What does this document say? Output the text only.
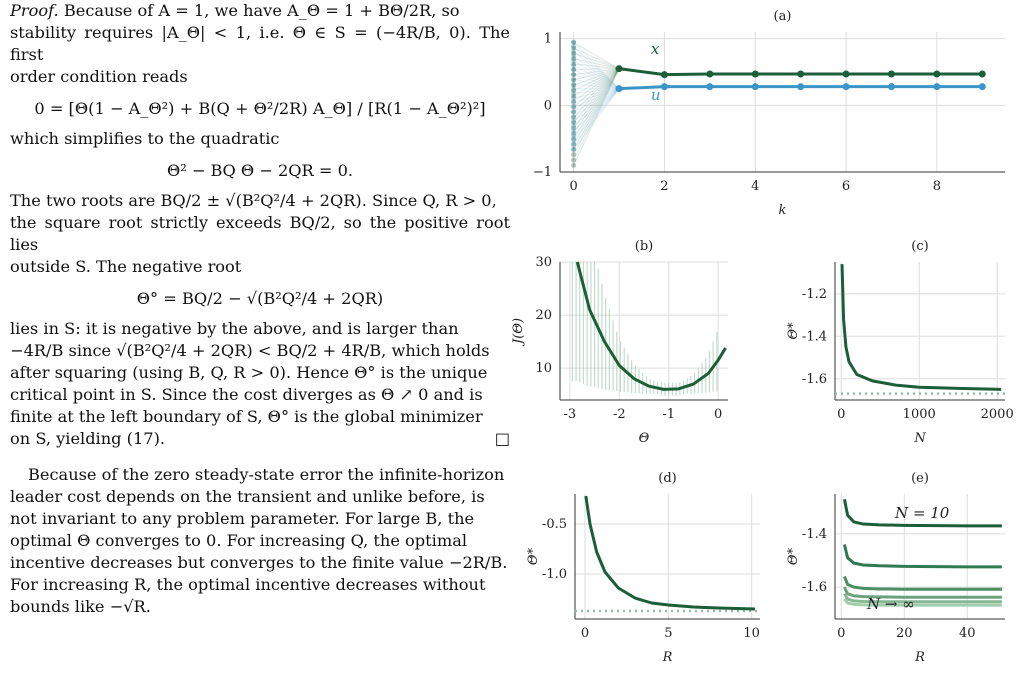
Proof. Because of A = 1, we have A_Θ = 1 + BΘ/2R, so
stability requires |A_Θ| < 1, i.e. Θ ∈ S = (−4R/B, 0). The first
order condition reads

0 = [Θ(1 − A_Θ²) + B(Q + Θ²/2R) A_Θ] / [R(1 − A_Θ²)²]

which simplifies to the quadratic

Θ² − BQ Θ − 2QR = 0.

The two roots are BQ/2 ± √(B²Q²/4 + 2QR). Since Q, R > 0,
the square root strictly exceeds BQ/2, so the positive root lies
outside S. The negative root

Θ° = BQ/2 − √(B²Q²/4 + 2QR)

lies in S: it is negative by the above, and is larger than
−4R/B since √(B²Q²/4 + 2QR) < BQ/2 + 4R/B, which holds
after squaring (using B, Q, R > 0). Hence Θ° is the unique
critical point in S. Since the cost diverges as Θ ↗ 0 and is
finite at the left boundary of S, Θ° is the global minimizer
on S, yielding (17).	□

Because of the zero steady-state error the infinite-horizon
leader cost depends on the transient and unlike before, is
not invariant to any problem parameter. For large B, the
optimal Θ converges to 0. For increasing Q, the optimal
incentive decreases but converges to the finite value −2R/B.
For increasing R, the optimal incentive decreases without
bounds like −√R.

0	2	4	6	8
−1
0
1
(a)
k
x
u
-3	-2	-1	0
10
20
30
(b)
Θ
J(Θ)
0	1000	2000
-1.2
-1.4
-1.6
(c)
N
Θ*
0	5	10
-0.5
-1.0
(d)
R
Θ*
0	20	40
-1.4
-1.6
(e)
R
Θ*
N = 10
N → ∞
